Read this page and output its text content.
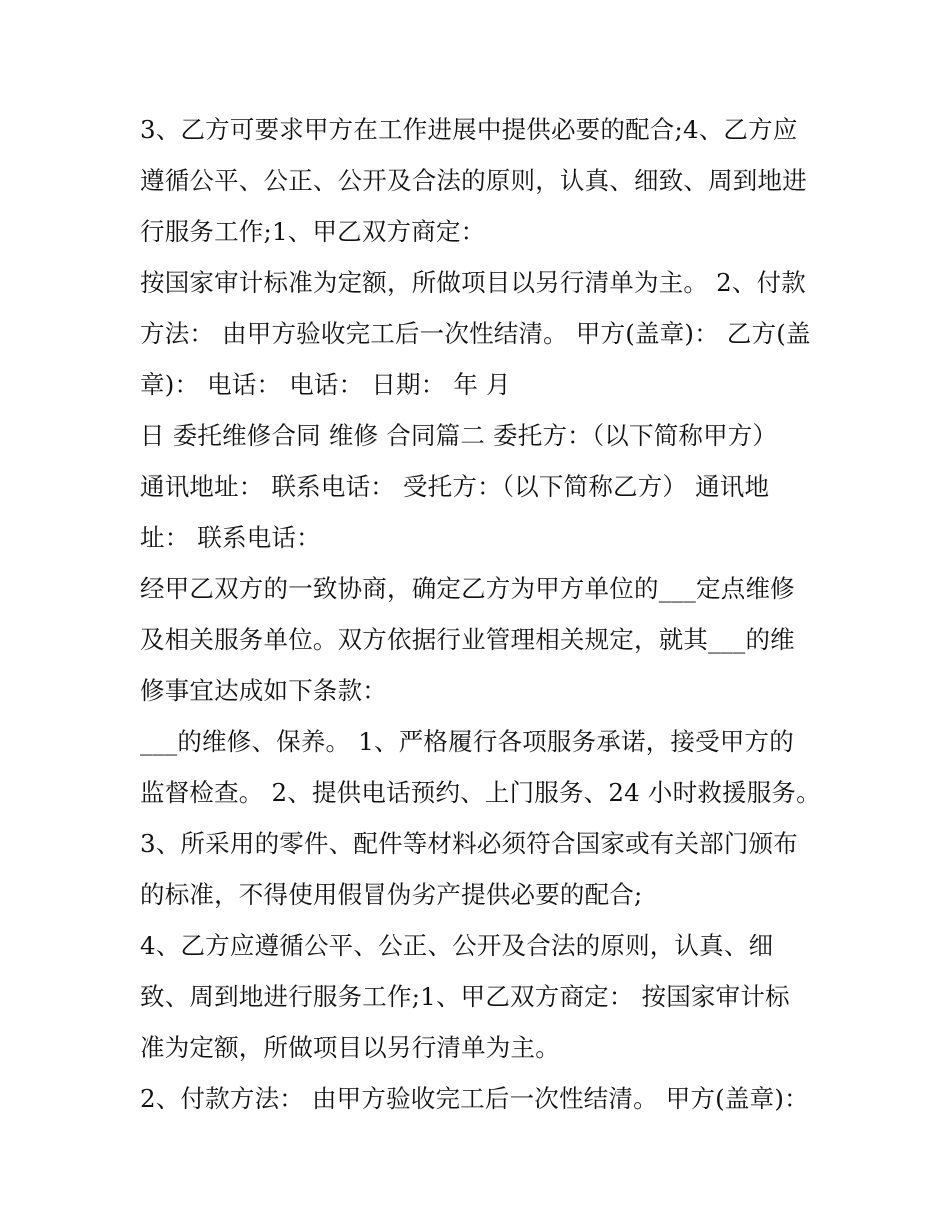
3、乙方可要求甲方在工作进展中提供必要的配合;4、乙方应
遵循公平、公正、公开及合法的原则，认真、细致、周到地进
行服务工作;1、甲乙双方商定：
按国家审计标准为定额，所做项目以另行清单为主。 2、付款
方法： 由甲方验收完工后一次性结清。 甲方(盖章)： 乙方(盖
章)： 电话： 电话： 日期： 年 月
日 委托维修合同 维修 合同篇二 委托方：（以下简称甲方）
通讯地址： 联系电话： 受托方：（以下简称乙方） 通讯地
址： 联系电话：
经甲乙双方的一致协商，确定乙方为甲方单位的___定点维修
及相关服务单位。双方依据行业管理相关规定，就其___的维
修事宜达成如下条款：
___的维修、保养。 1、严格履行各项服务承诺，接受甲方的
监督检查。 2、提供电话预约、上门服务、24 小时救援服务。
3、所采用的零件、配件等材料必须符合国家或有关部门颁布
的标准，不得使用假冒伪劣产提供必要的配合;
4、乙方应遵循公平、公正、公开及合法的原则，认真、细
致、周到地进行服务工作;1、甲乙双方商定： 按国家审计标
准为定额，所做项目以另行清单为主。
2、付款方法： 由甲方验收完工后一次性结清。 甲方(盖章)：
